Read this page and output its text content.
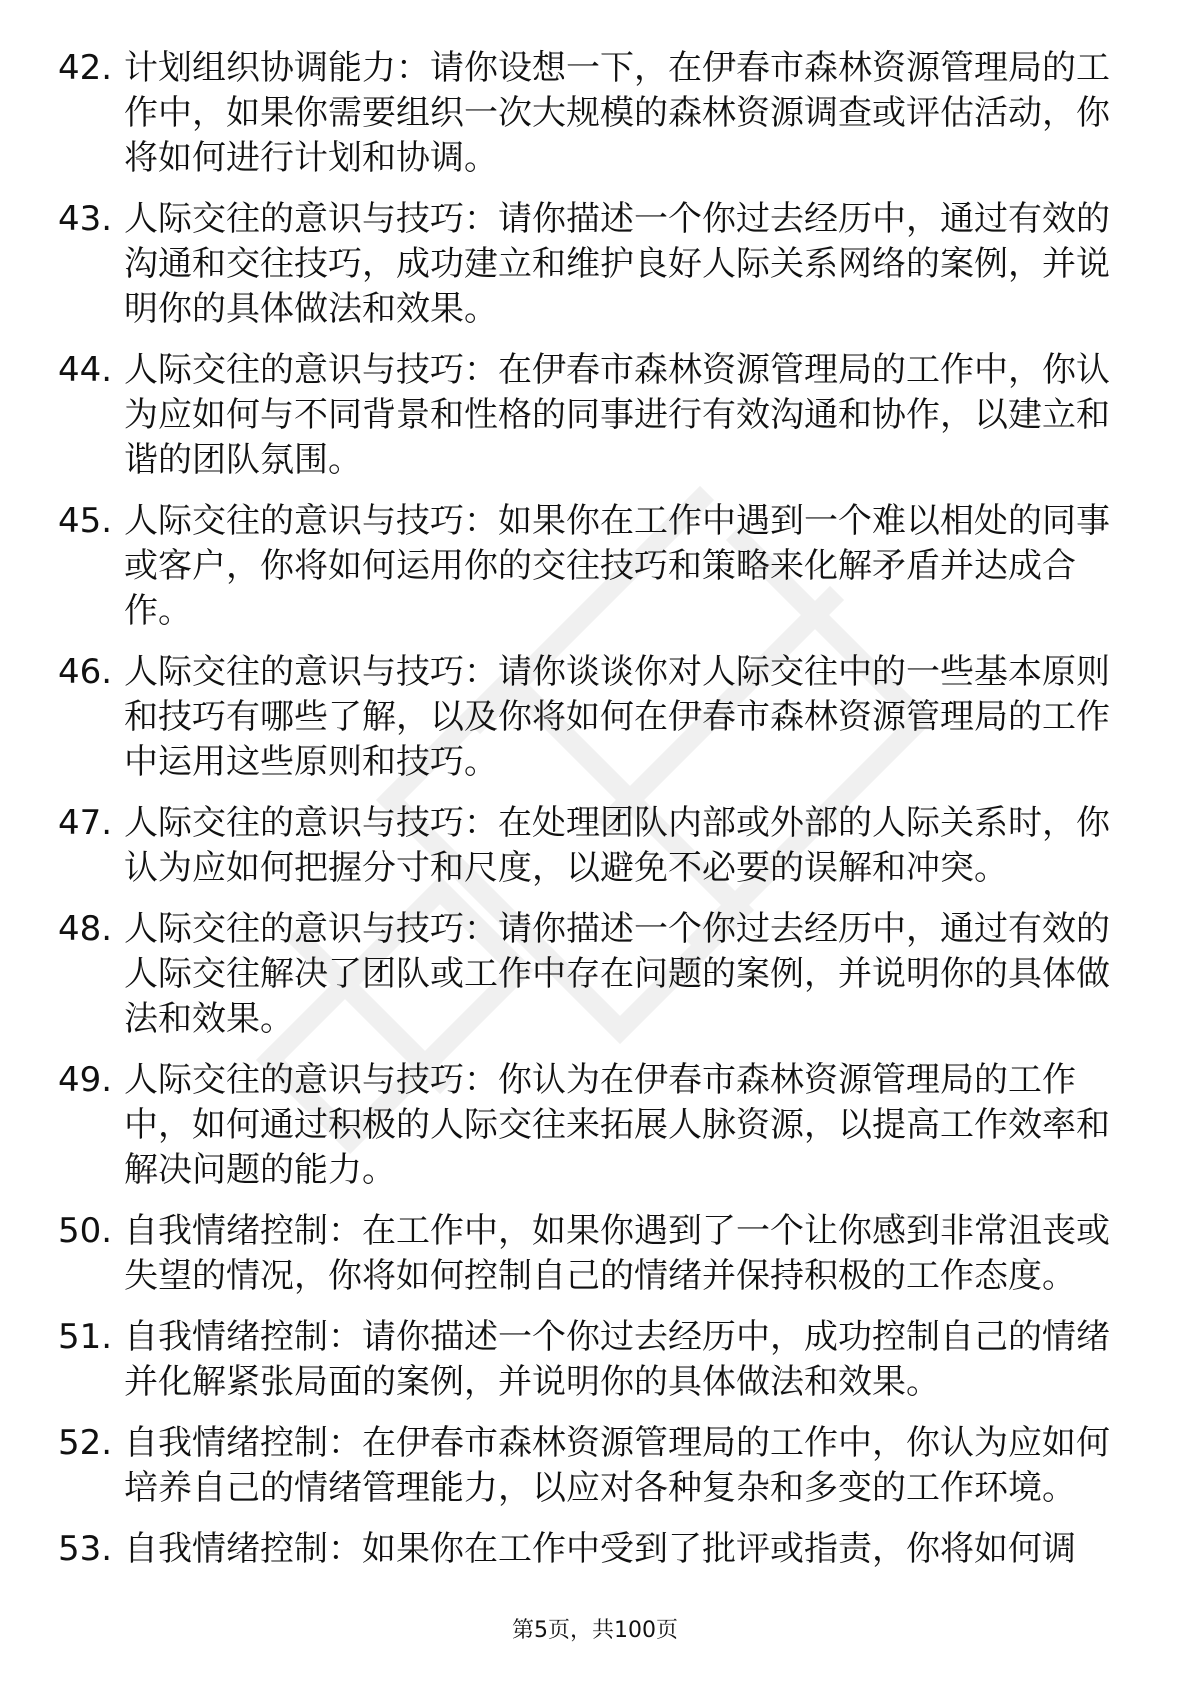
42. 计划组织协调能力：请你设想一下，在伊春市森林资源管理局的工作中，如果你需要组织一次大规模的森林资源调查或评估活动，你将如何进行计划和协调。
43. 人际交往的意识与技巧：请你描述一个你过去经历中，通过有效的沟通和交往技巧，成功建立和维护良好人际关系网络的案例，并说明你的具体做法和效果。
44. 人际交往的意识与技巧：在伊春市森林资源管理局的工作中，你认为应如何与不同背景和性格的同事进行有效沟通和协作，以建立和谐的团队氛围。
45. 人际交往的意识与技巧：如果你在工作中遇到一个难以相处的同事或客户，你将如何运用你的交往技巧和策略来化解矛盾并达成合作。
46. 人际交往的意识与技巧：请你谈谈你对人际交往中的一些基本原则和技巧有哪些了解，以及你将如何在伊春市森林资源管理局的工作中运用这些原则和技巧。
47. 人际交往的意识与技巧：在处理团队内部或外部的人际关系时，你认为应如何把握分寸和尺度，以避免不必要的误解和冲突。
48. 人际交往的意识与技巧：请你描述一个你过去经历中，通过有效的人际交往解决了团队或工作中存在问题的案例，并说明你的具体做法和效果。
49. 人际交往的意识与技巧：你认为在伊春市森林资源管理局的工作中，如何通过积极的人际交往来拓展人脉资源，以提高工作效率和解决问题的能力。
50. 自我情绪控制：在工作中，如果你遇到了一个让你感到非常沮丧或失望的情况，你将如何控制自己的情绪并保持积极的工作态度。
51. 自我情绪控制：请你描述一个你过去经历中，成功控制自己的情绪并化解紧张局面的案例，并说明你的具体做法和效果。
52. 自我情绪控制：在伊春市森林资源管理局的工作中，你认为应如何培养自己的情绪管理能力，以应对各种复杂和多变的工作环境。
53. 自我情绪控制：如果你在工作中受到了批评或指责，你将如何调
第5页，共100页
